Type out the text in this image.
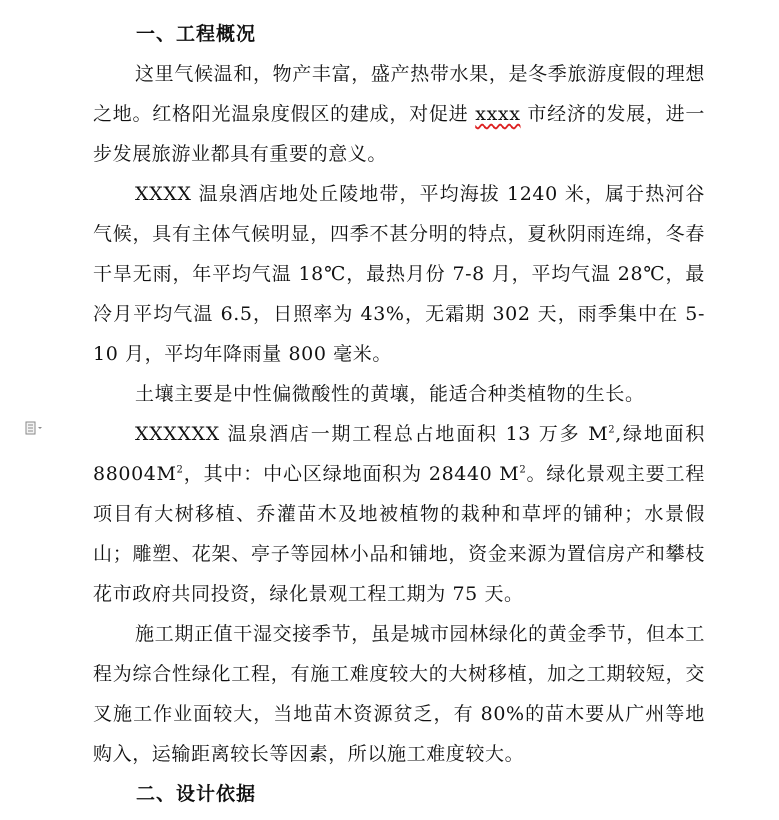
一、工程概况

这里气候温和，物产丰富，盛产热带水果，是冬季旅游度假的理想之地。红格阳光温泉度假区的建成，对促进 xxxx 市经济的发展，进一步发展旅游业都具有重要的意义。

XXXX 温泉酒店地处丘陵地带，平均海拔 1240 米，属于热河谷气候，具有主体气候明显，四季不甚分明的特点，夏秋阴雨连绵，冬春干旱无雨，年平均气温 18℃，最热月份 7-8 月，平均气温 28℃，最冷月平均气温 6.5，日照率为 43%，无霜期 302 天，雨季集中在 5-10 月，平均年降雨量 800 毫米。

土壤主要是中性偏微酸性的黄壤，能适合种类植物的生长。

XXXXXX 温泉酒店一期工程总占地面积 13 万多 $M^2$,绿地面积 $88004M^2$，其中：中心区绿地面积为 28440 $M^2$。绿化景观主要工程项目有大树移植、乔灌苗木及地被植物的栽种和草坪的铺种；水景假山；雕塑、花架、亭子等园林小品和铺地，资金来源为置信房产和攀枝花市政府共同投资，绿化景观工程工期为 75 天。

施工期正值干湿交接季节，虽是城市园林绿化的黄金季节，但本工程为综合性绿化工程，有施工难度较大的大树移植，加之工期较短，交叉施工作业面较大，当地苗木资源贫乏，有 80%的苗木要从广州等地购入，运输距离较长等因素，所以施工难度较大。

二、设计依据
